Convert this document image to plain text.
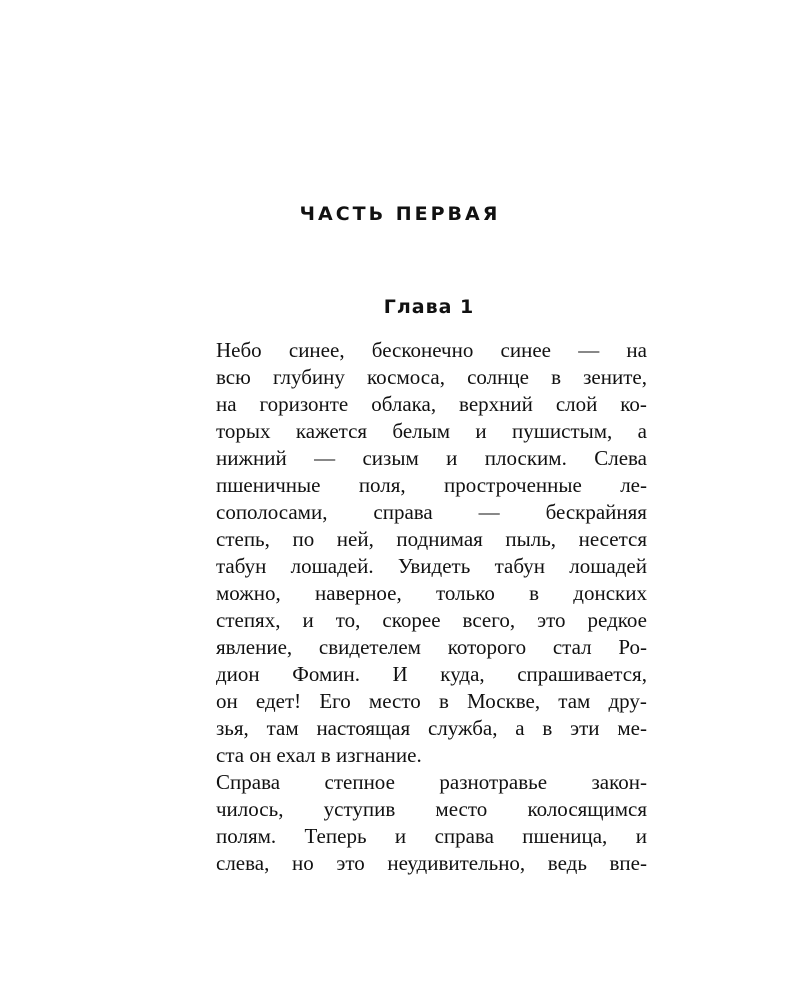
ЧАСТЬ ПЕРВАЯ
Глава 1
Небо синее, бесконечно синее — на
всю глубину космоса, солнце в зените,
на горизонте облака, верхний слой ко-
торых кажется белым и пушистым, а
нижний — сизым и плоским. Слева
пшеничные поля, простроченные ле-
сополосами, справа — бескрайняя
степь, по ней, поднимая пыль, несется
табун лошадей. Увидеть табун лошадей
можно, наверное, только в донских
степях, и то, скорее всего, это редкое
явление, свидетелем которого стал Ро-
дион Фомин. И куда, спрашивается,
он едет! Его место в Москве, там дру-
зья, там настоящая служба, а в эти ме-
ста он ехал в изгнание.
Справа степное разнотравье закон-
чилось, уступив место колосящимся
полям. Теперь и справа пшеница, и
слева, но это неудивительно, ведь впе-
